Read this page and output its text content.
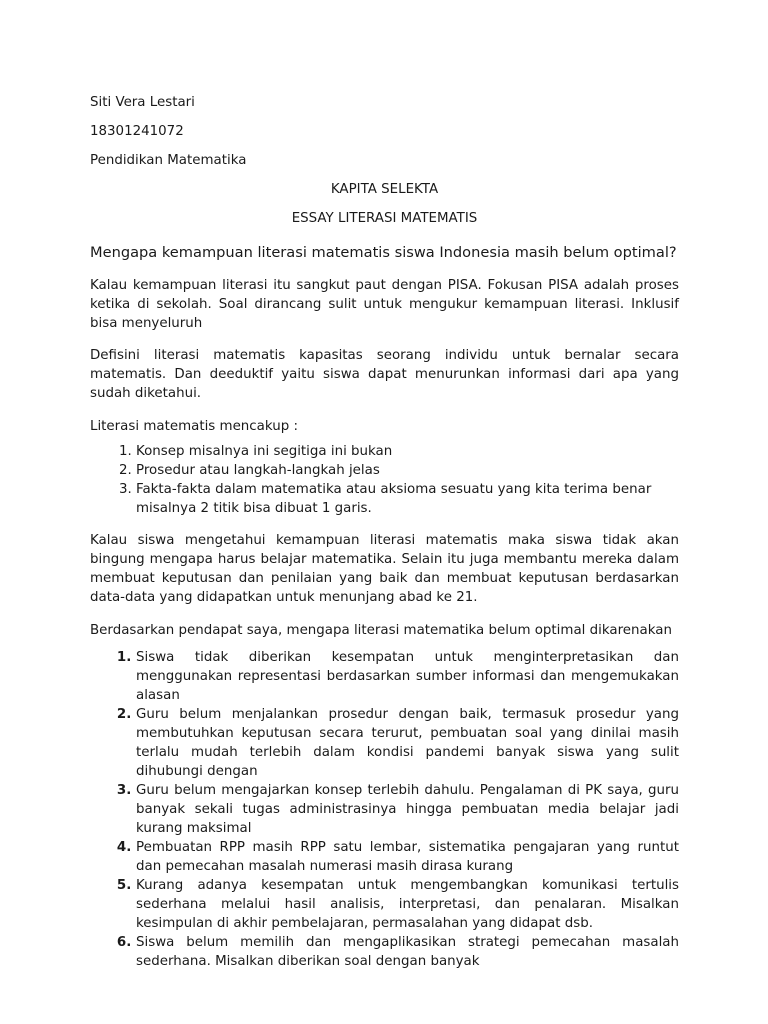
Siti Vera Lestari

18301241072

Pendidikan Matematika

KAPITA SELEKTA

ESSAY LITERASI MATEMATIS

Mengapa kemampuan literasi matematis siswa Indonesia masih belum optimal?

Kalau kemampuan literasi itu sangkut paut dengan PISA. Fokusan PISA adalah proses ketika di sekolah. Soal dirancang sulit untuk mengukur kemampuan literasi. Inklusif bisa menyeluruh

Defisini literasi matematis kapasitas seorang individu untuk bernalar secara matematis. Dan deeduktif yaitu siswa dapat menurunkan informasi dari apa yang sudah diketahui.

Literasi matematis mencakup :

1. Konsep misalnya ini segitiga ini bukan
2. Prosedur atau langkah-langkah jelas
3. Fakta-fakta dalam matematika atau aksioma sesuatu yang kita terima benar misalnya 2 titik bisa dibuat 1 garis.

Kalau siswa mengetahui kemampuan literasi matematis maka siswa tidak akan bingung mengapa harus belajar matematika. Selain itu juga membantu mereka dalam membuat keputusan dan penilaian yang baik dan membuat keputusan berdasarkan data-data yang didapatkan untuk menunjang abad ke 21.

Berdasarkan pendapat saya, mengapa literasi matematika belum optimal dikarenakan

1. Siswa tidak diberikan kesempatan untuk menginterpretasikan dan menggunakan representasi berdasarkan sumber informasi dan mengemukakan alasan
2. Guru belum menjalankan prosedur dengan baik, termasuk prosedur yang membutuhkan keputusan secara terurut, pembuatan soal yang dinilai masih terlalu mudah terlebih dalam kondisi pandemi banyak siswa yang sulit dihubungi dengan
3. Guru belum mengajarkan konsep terlebih dahulu. Pengalaman di PK saya, guru banyak sekali tugas administrasinya hingga pembuatan media belajar jadi kurang maksimal
4. Pembuatan RPP masih RPP satu lembar, sistematika pengajaran yang runtut dan pemecahan masalah numerasi masih dirasa kurang
5. Kurang adanya kesempatan untuk mengembangkan komunikasi tertulis sederhana melalui hasil analisis, interpretasi, dan penalaran. Misalkan kesimpulan di akhir pembelajaran, permasalahan yang didapat dsb.
6. Siswa belum memilih dan mengaplikasikan strategi pemecahan masalah sederhana. Misalkan diberikan soal dengan banyak
